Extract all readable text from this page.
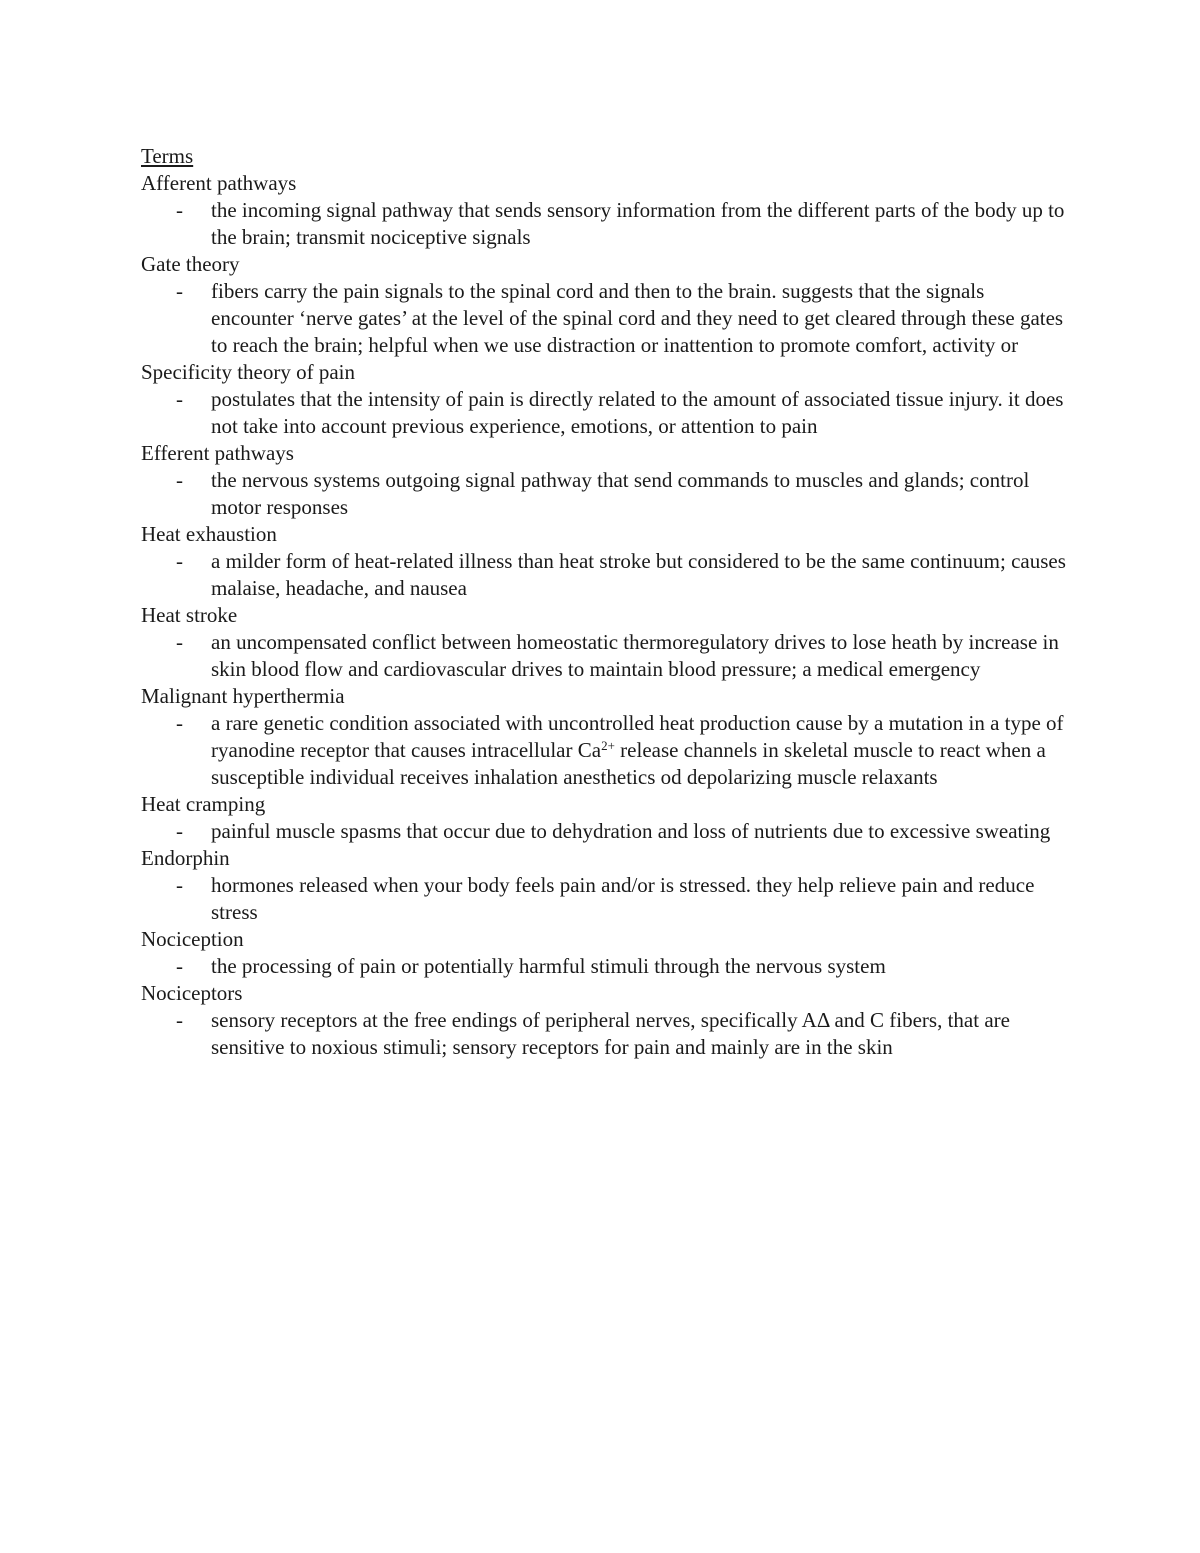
Terms
Afferent pathways
- the incoming signal pathway that sends sensory information from the different parts of the body up to the brain; transmit nociceptive signals
Gate theory
- fibers carry the pain signals to the spinal cord and then to the brain. suggests that the signals encounter ‘nerve gates’ at the level of the spinal cord and they need to get cleared through these gates to reach the brain; helpful when we use distraction or inattention to promote comfort, activity or
Specificity theory of pain
- postulates that the intensity of pain is directly related to the amount of associated tissue injury. it does not take into account previous experience, emotions, or attention to pain
Efferent pathways
- the nervous systems outgoing signal pathway that send commands to muscles and glands; control motor responses
Heat exhaustion
- a milder form of heat-related illness than heat stroke but considered to be the same continuum; causes malaise, headache, and nausea
Heat stroke
- an uncompensated conflict between homeostatic thermoregulatory drives to lose heath by increase in skin blood flow and cardiovascular drives to maintain blood pressure; a medical emergency
Malignant hyperthermia
- a rare genetic condition associated with uncontrolled heat production cause by a mutation in a type of ryanodine receptor that causes intracellular $Ca^{2+}$ release channels in skeletal muscle to react when a susceptible individual receives inhalation anesthetics od depolarizing muscle relaxants
Heat cramping
- painful muscle spasms that occur due to dehydration and loss of nutrients due to excessive sweating
Endorphin
- hormones released when your body feels pain and/or is stressed. they help relieve pain and reduce stress
Nociception
- the processing of pain or potentially harmful stimuli through the nervous system
Nociceptors
- sensory receptors at the free endings of peripheral nerves, specifically AΔ and C fibers, that are sensitive to noxious stimuli; sensory receptors for pain and mainly are in the skin
